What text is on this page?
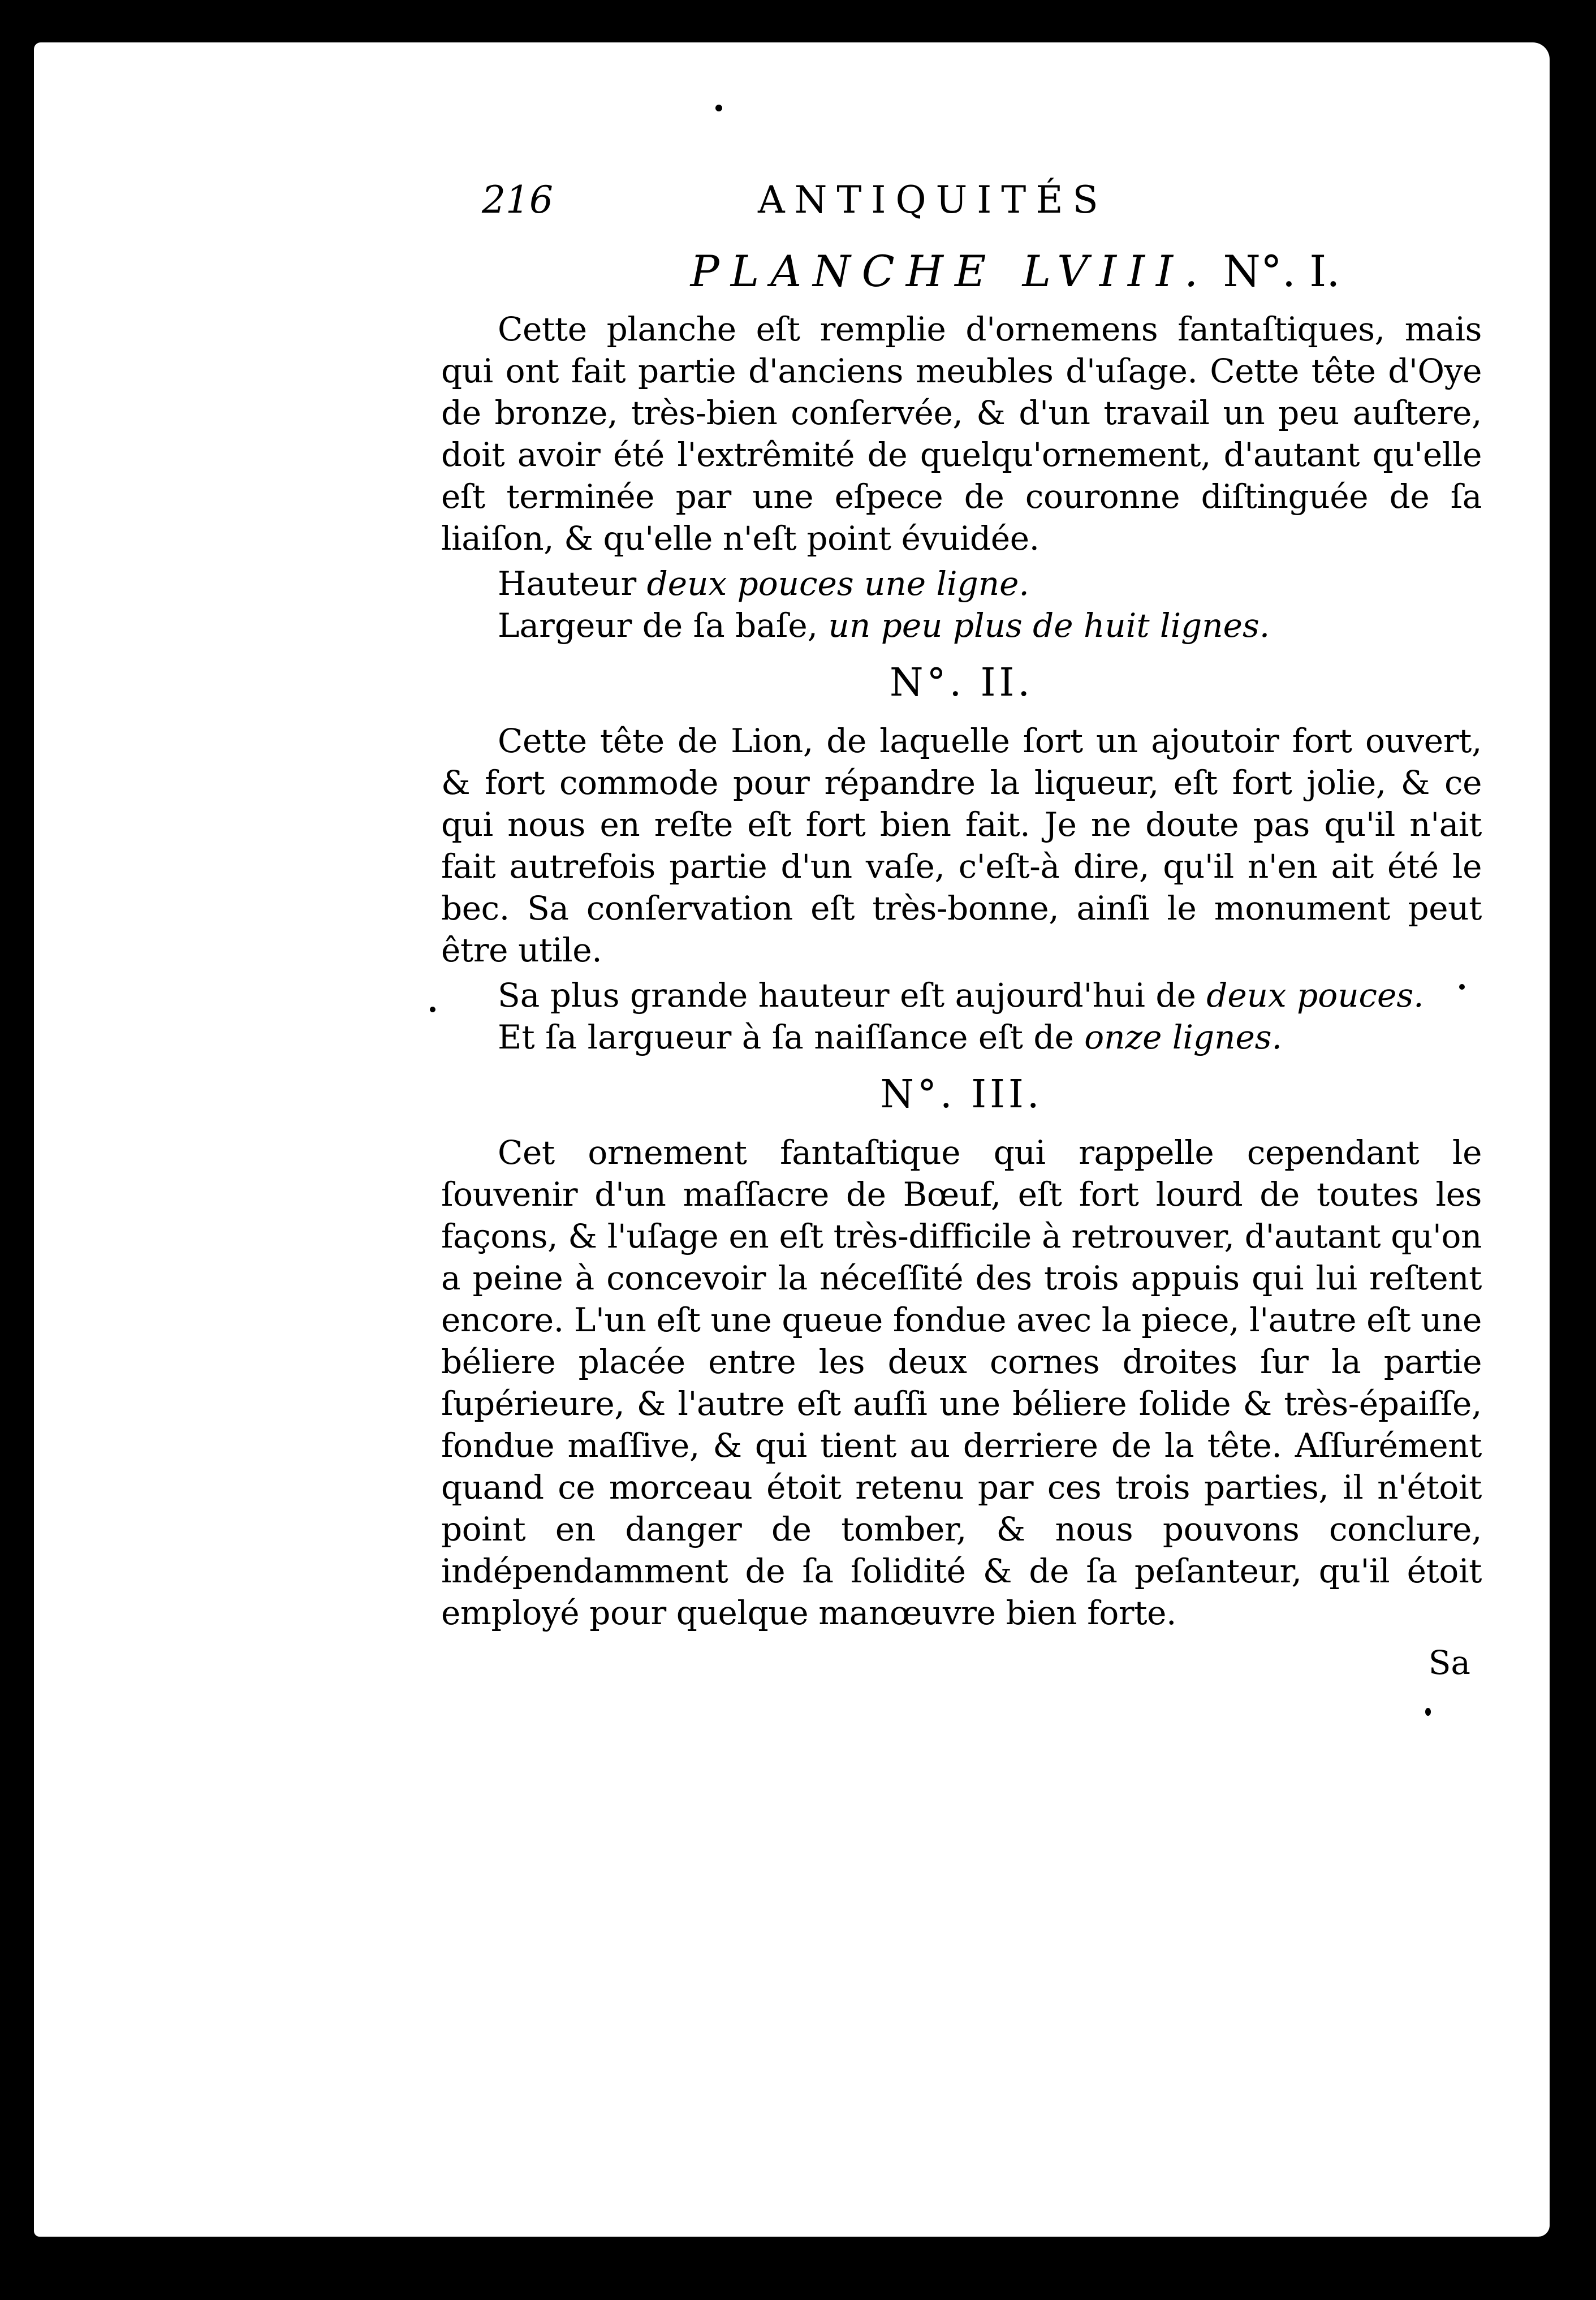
216	ANTIQUITÉS
PLANCHE LVIII. N°. I.

Cette planche eſt remplie d'ornemens fantaſtiques, mais qui ont fait partie d'anciens meubles d'uſage. Cette tête d'Oye de bronze, très-bien conſervée, & d'un travail un peu auſtere, doit avoir été l'extrêmité de quelqu'ornement, d'autant qu'elle eſt terminée par une eſpece de couronne diſtinguée de ſa liaiſon, & qu'elle n'eſt point évuidée.

Hauteur deux pouces une ligne.
Largeur de ſa baſe, un peu plus de huit lignes.
N°. II.

Cette tête de Lion, de laquelle ſort un ajoutoir fort ouvert, & fort commode pour répandre la liqueur, eſt fort jolie, & ce qui nous en reſte eſt fort bien fait. Je ne doute pas qu'il n'ait fait autrefois partie d'un vaſe, c'eſt-à dire, qu'il n'en ait été le bec. Sa conſervation eſt très-bonne, ainſi le monument peut être utile.

Sa plus grande hauteur eſt aujourd'hui de deux pouces.
Et ſa largueur à ſa naiſſance eſt de onze lignes.
N°. III.

Cet ornement fantaſtique qui rappelle cependant le ſouvenir d'un maſſacre de Bœuf, eſt fort lourd de toutes les façons, & l'uſage en eſt très-difficile à retrouver, d'autant qu'on a peine à concevoir la néceſſité des trois appuis qui lui reſtent encore. L'un eſt une queue fondue avec la piece, l'autre eſt une béliere placée entre les deux cornes droites ſur la partie ſupérieure, & l'autre eſt auſſi une béliere ſolide & très-épaiſſe, fondue maſſive, & qui tient au derriere de la tête. Aſſurément quand ce morceau étoit retenu par ces trois parties, il n'étoit point en danger de tomber, & nous pouvons conclure, indépendamment de ſa ſolidité & de ſa peſanteur, qu'il étoit employé pour quelque manœuvre bien forte.

Sa
